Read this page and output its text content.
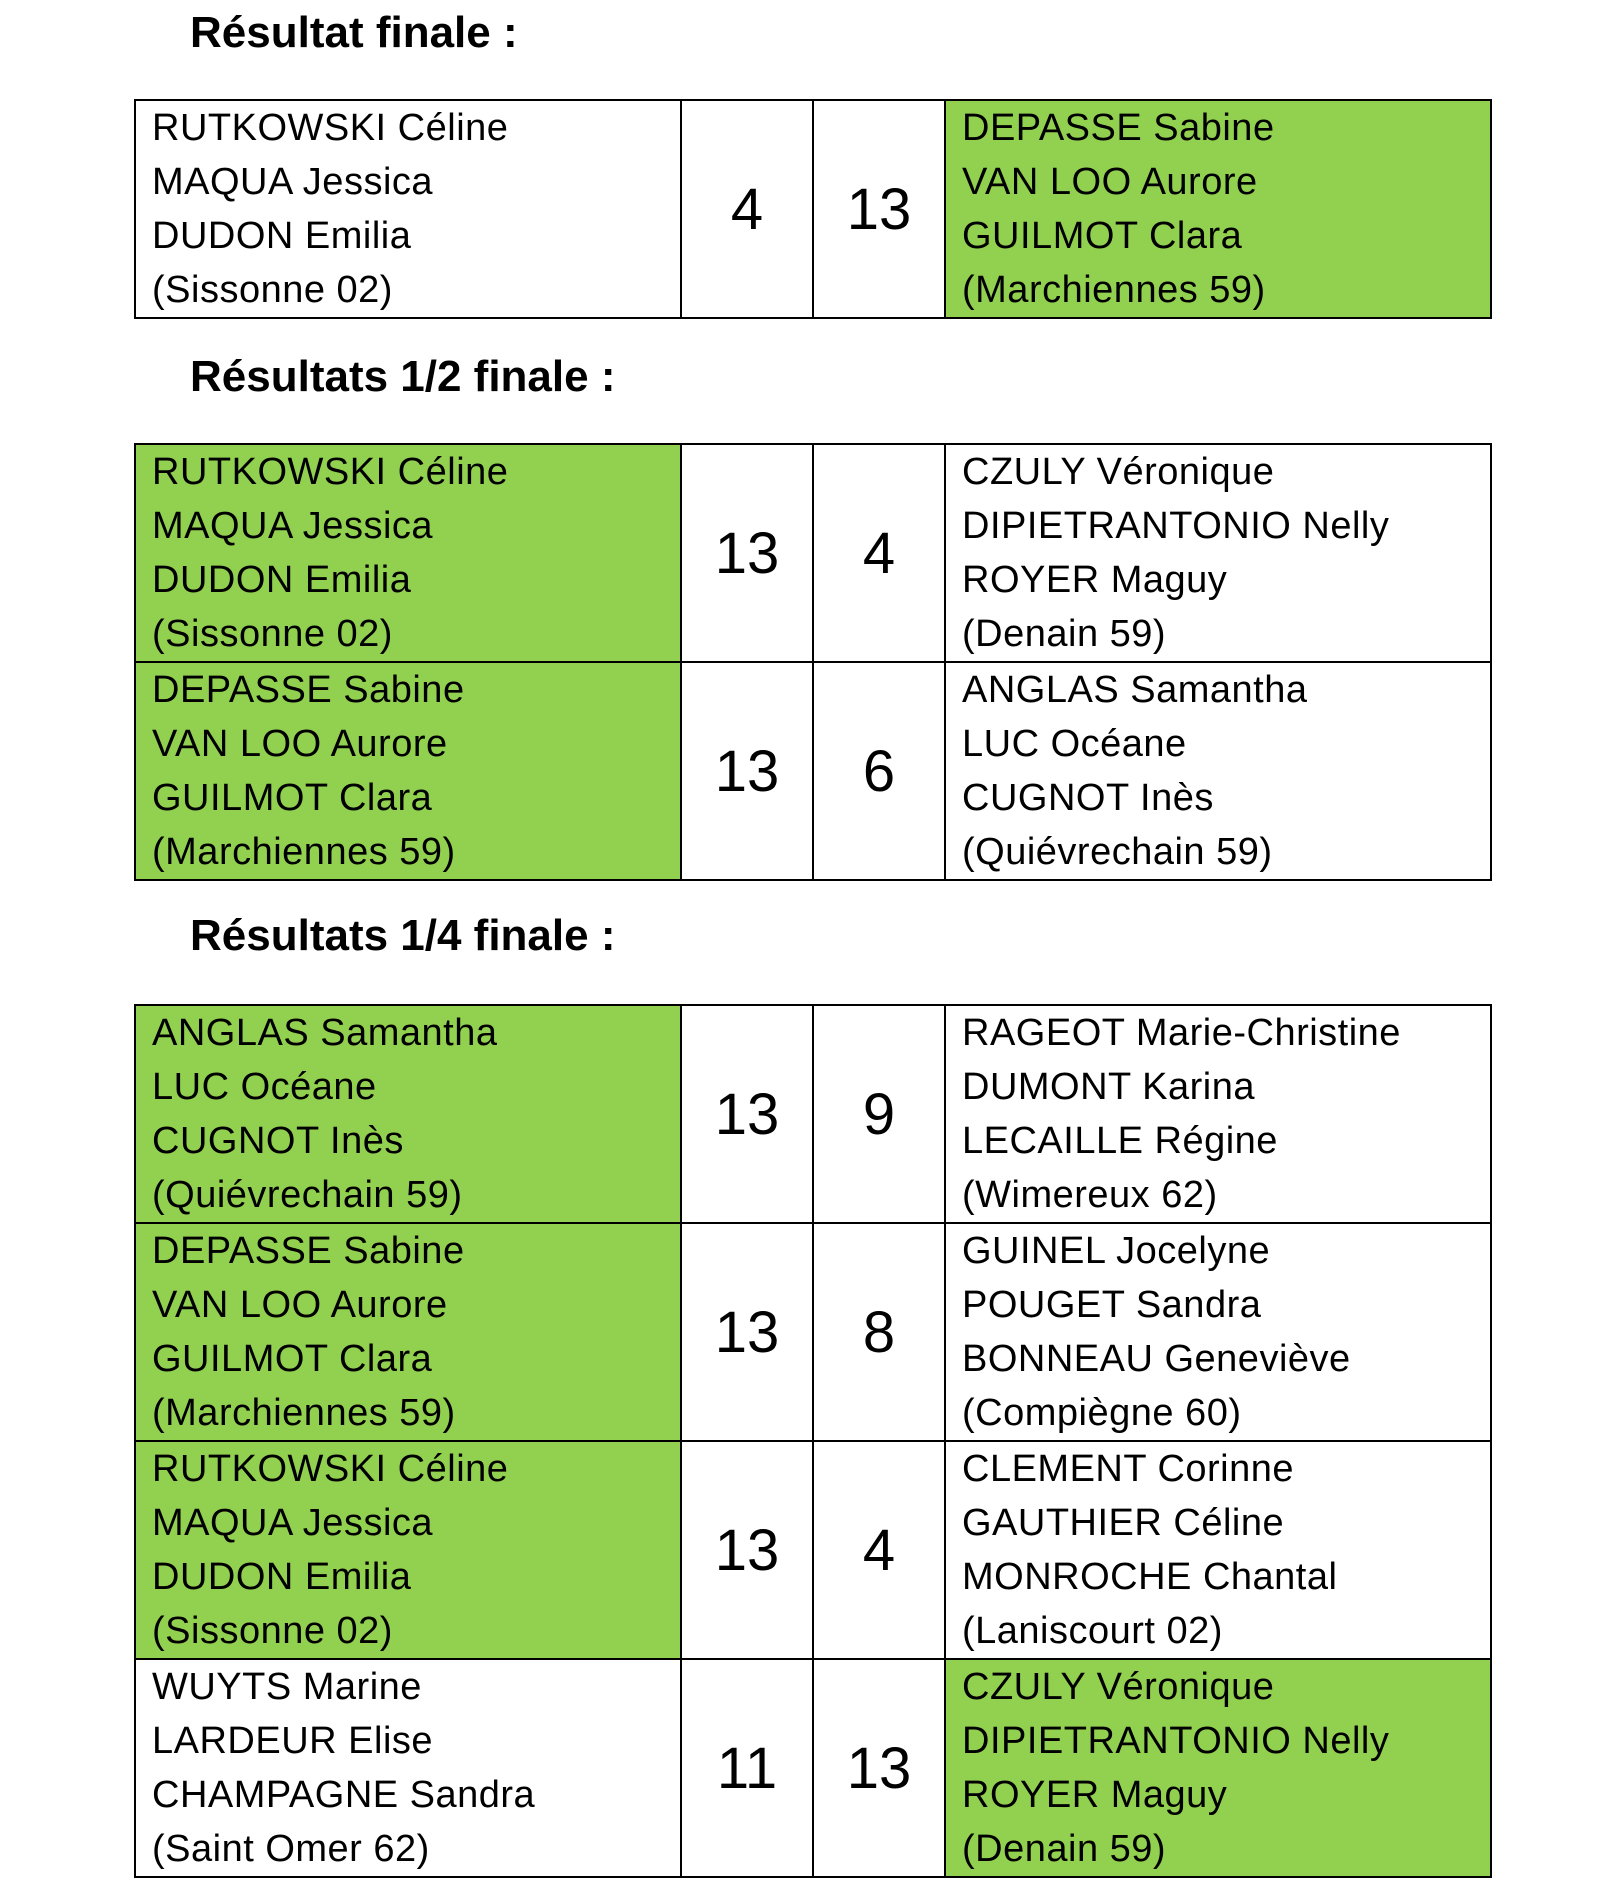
Résultat finale :
RUTKOWSKI Céline
MAQUA Jessica
DUDON Emilia
(Sissonne 02)
	4	13	
DEPASSE Sabine
VAN LOO Aurore
GUILMOT Clara
(Marchiennes 59)
Résultats 1/2 finale :
RUTKOWSKI Céline
MAQUA Jessica
DUDON Emilia
(Sissonne 02)	13	4	CZULY Véronique
DIPIETRANTONIO Nelly
ROYER Maguy
(Denain 59)

DEPASSE Sabine
VAN LOO Aurore
GUILMOT Clara
(Marchiennes 59)	13	6	ANGLAS Samantha
LUC Océane
CUGNOT Inès
(Quiévrechain 59)
Résultats 1/4 finale :
ANGLAS Samantha
LUC Océane
CUGNOT Inès
(Quiévrechain 59)	13	9	RAGEOT Marie-Christine
DUMONT Karina
LECAILLE Régine
(Wimereux 62)

DEPASSE Sabine
VAN LOO Aurore
GUILMOT Clara
(Marchiennes 59)	13	8	GUINEL Jocelyne
POUGET Sandra
BONNEAU Geneviève
(Compiègne 60)

RUTKOWSKI Céline
MAQUA Jessica
DUDON Emilia
(Sissonne 02)	13	4	CLEMENT Corinne
GAUTHIER Céline
MONROCHE Chantal
(Laniscourt 02)

WUYTS Marine
LARDEUR Elise
CHAMPAGNE Sandra
(Saint Omer 62)	11	13	CZULY Véronique
DIPIETRANTONIO Nelly
ROYER Maguy
(Denain 59)
